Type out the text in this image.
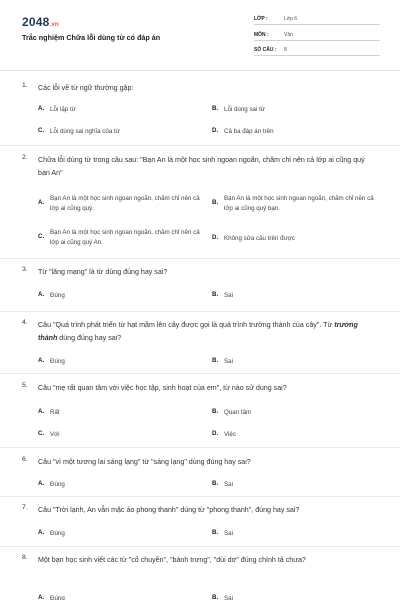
2048.vn
Trắc nghiệm Chữa lỗi dùng từ có đáp án
LỚP :	Lớp 6
MÔN :	Văn
SỐ CÂU : 8
1. Các lỗi về từ ngữ thường gặp:
A. Lỗi lặp từ	B. Lỗi dùng sai từ
C. Lỗi dùng sai nghĩa của từ	D. Cả ba đáp án trên
2. Chữa lỗi dùng từ trong câu sau: "Bạn An là một học sinh ngoan ngoãn, chăm chỉ nên cả lớp ai cũng quý bạn An"
A.
Bạn An là một học sinh ngoan ngoãn, chăm chỉ nên cả lớp ai cũng quý.
B.
Bạn An là một học sinh ngoan ngoãn, chăm chỉ nên cả lớp ai cũng quý bạn.
C.
Bạn An là một học sinh ngoan ngoãn, chăm chỉ nên cả lớp ai cũng quý An.
D. Không sửa câu trên được
3. Từ "lãng mạng" là từ dùng đúng hay sai?
A. Đúng	B. Sai
4. Câu "Quá trình phát triển từ hạt mầm lên cây được gọi là quá trình trưởng thành của cây". Từ trưởng thành dùng đúng hay sai?
A. Đúng	B. Sai
5. Câu "mẹ rất quan tâm với việc học tập, sinh hoạt của em", từ nào sử dụng sai?
A. Rất	B. Quan tâm
C. Với	D. Việc
6. Câu "vì một tương lai sáng lạng" từ "sáng lạng" dùng đúng hay sai?
A. Đúng	B. Sai
7. Câu "Trời lạnh, An vẫn mặc áo phong thanh" dùng từ "phong thanh", đúng hay sai?
A. Đúng	B. Sai
8. Một bạn học sinh viết các từ "cổ chuyền", "bánh trưng", "dùi dơ" đúng chính tả chưa?
A. Đúng	B. Sai
